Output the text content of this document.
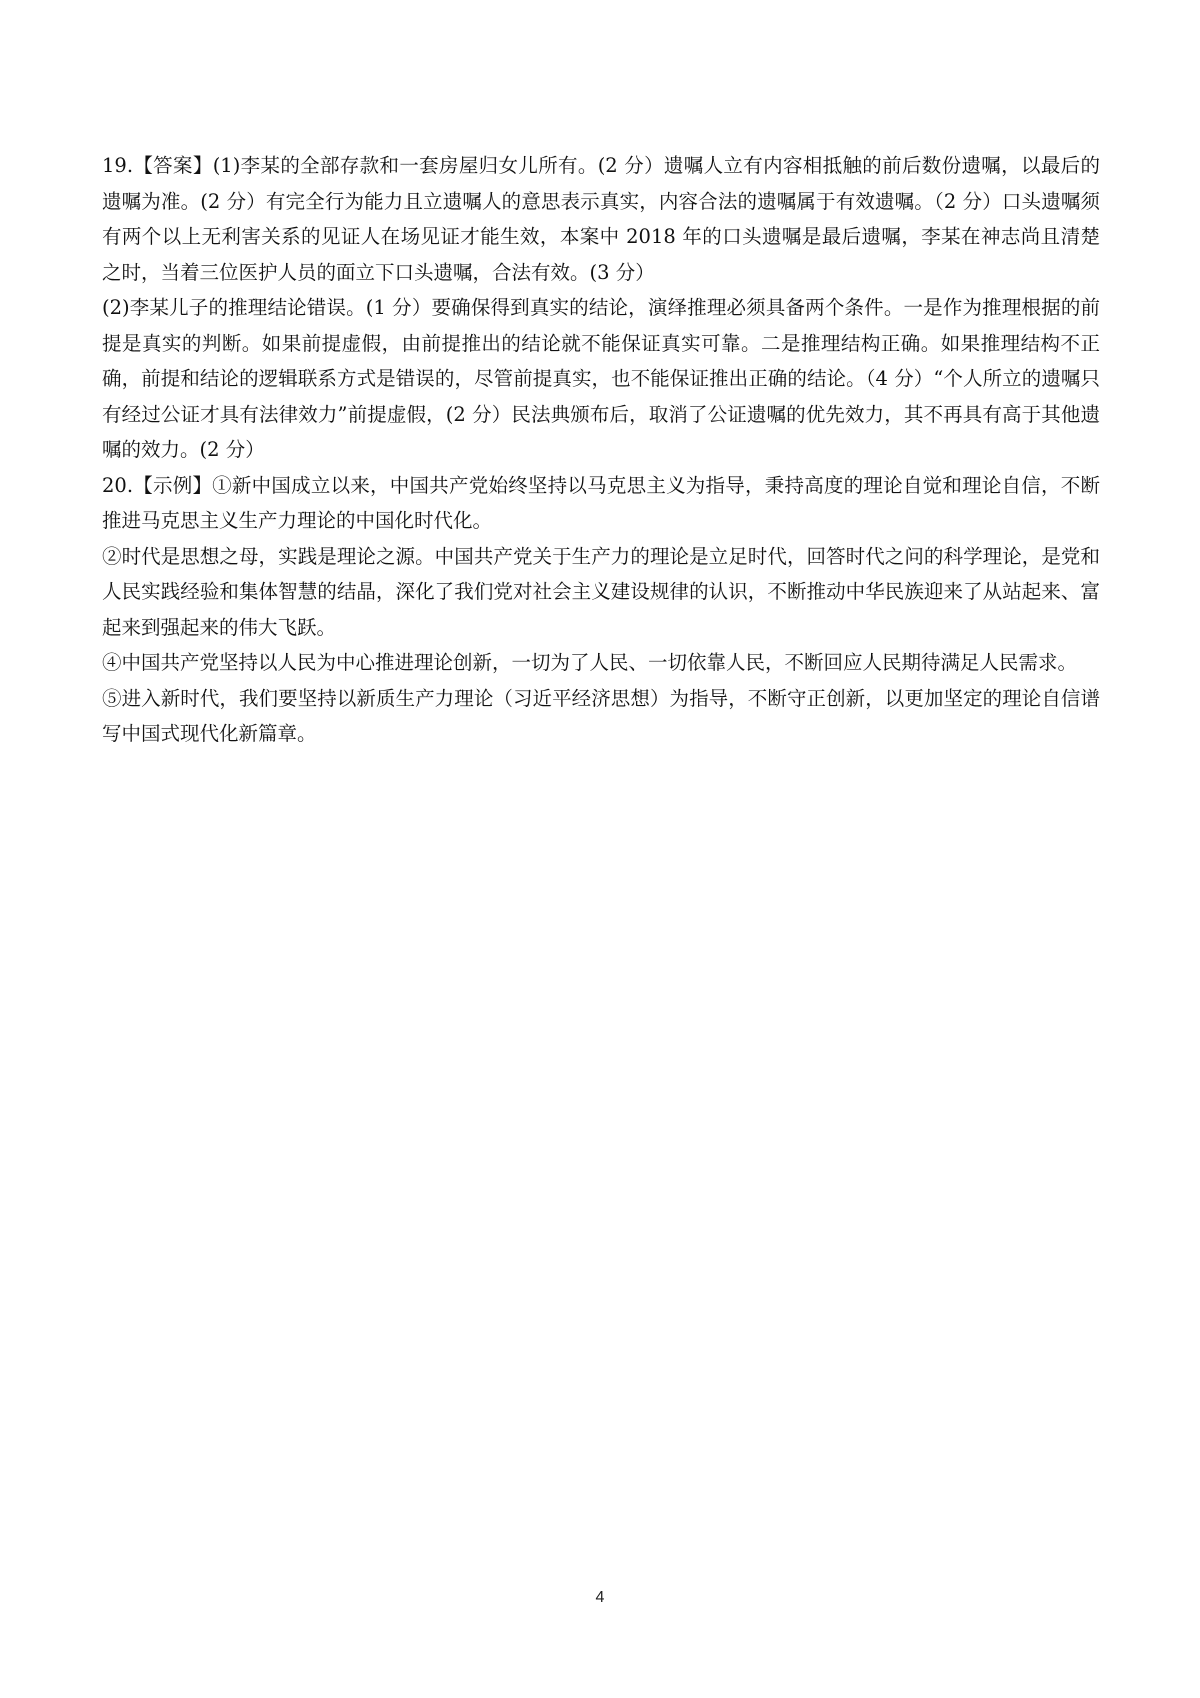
19.【答案】(1)李某的全部存款和一套房屋归女儿所有。(2 分）遗嘱人立有内容相抵触的前后数份遗嘱，以最后的遗嘱为准。(2 分）有完全行为能力且立遗嘱人的意思表示真实，内容合法的遗嘱属于有效遗嘱。（2 分）口头遗嘱须有两个以上无利害关系的见证人在场见证才能生效，本案中 2018 年的口头遗嘱是最后遗嘱，李某在神志尚且清楚之时，当着三位医护人员的面立下口头遗嘱，合法有效。(3 分）

(2)李某儿子的推理结论错误。(1 分）要确保得到真实的结论，演绎推理必须具备两个条件。一是作为推理根据的前提是真实的判断。如果前提虚假，由前提推出的结论就不能保证真实可靠。二是推理结构正确。如果推理结构不正确，前提和结论的逻辑联系方式是错误的，尽管前提真实，也不能保证推出正确的结论。（4 分）“个人所立的遗嘱只有经过公证才具有法律效力”前提虚假，(2 分）民法典颁布后，取消了公证遗嘱的优先效力，其不再具有高于其他遗嘱的效力。(2 分）

20.【示例】①新中国成立以来，中国共产党始终坚持以马克思主义为指导，秉持高度的理论自觉和理论自信，不断推进马克思主义生产力理论的中国化时代化。

②时代是思想之母，实践是理论之源。中国共产党关于生产力的理论是立足时代，回答时代之问的科学理论，是党和人民实践经验和集体智慧的结晶，深化了我们党对社会主义建设规律的认识，不断推动中华民族迎来了从站起来、富起来到强起来的伟大飞跃。

④中国共产党坚持以人民为中心推进理论创新，一切为了人民、一切依靠人民，不断回应人民期待满足人民需求。

⑤进入新时代，我们要坚持以新质生产力理论（习近平经济思想）为指导，不断守正创新，以更加坚定的理论自信谱写中国式现代化新篇章。

4
